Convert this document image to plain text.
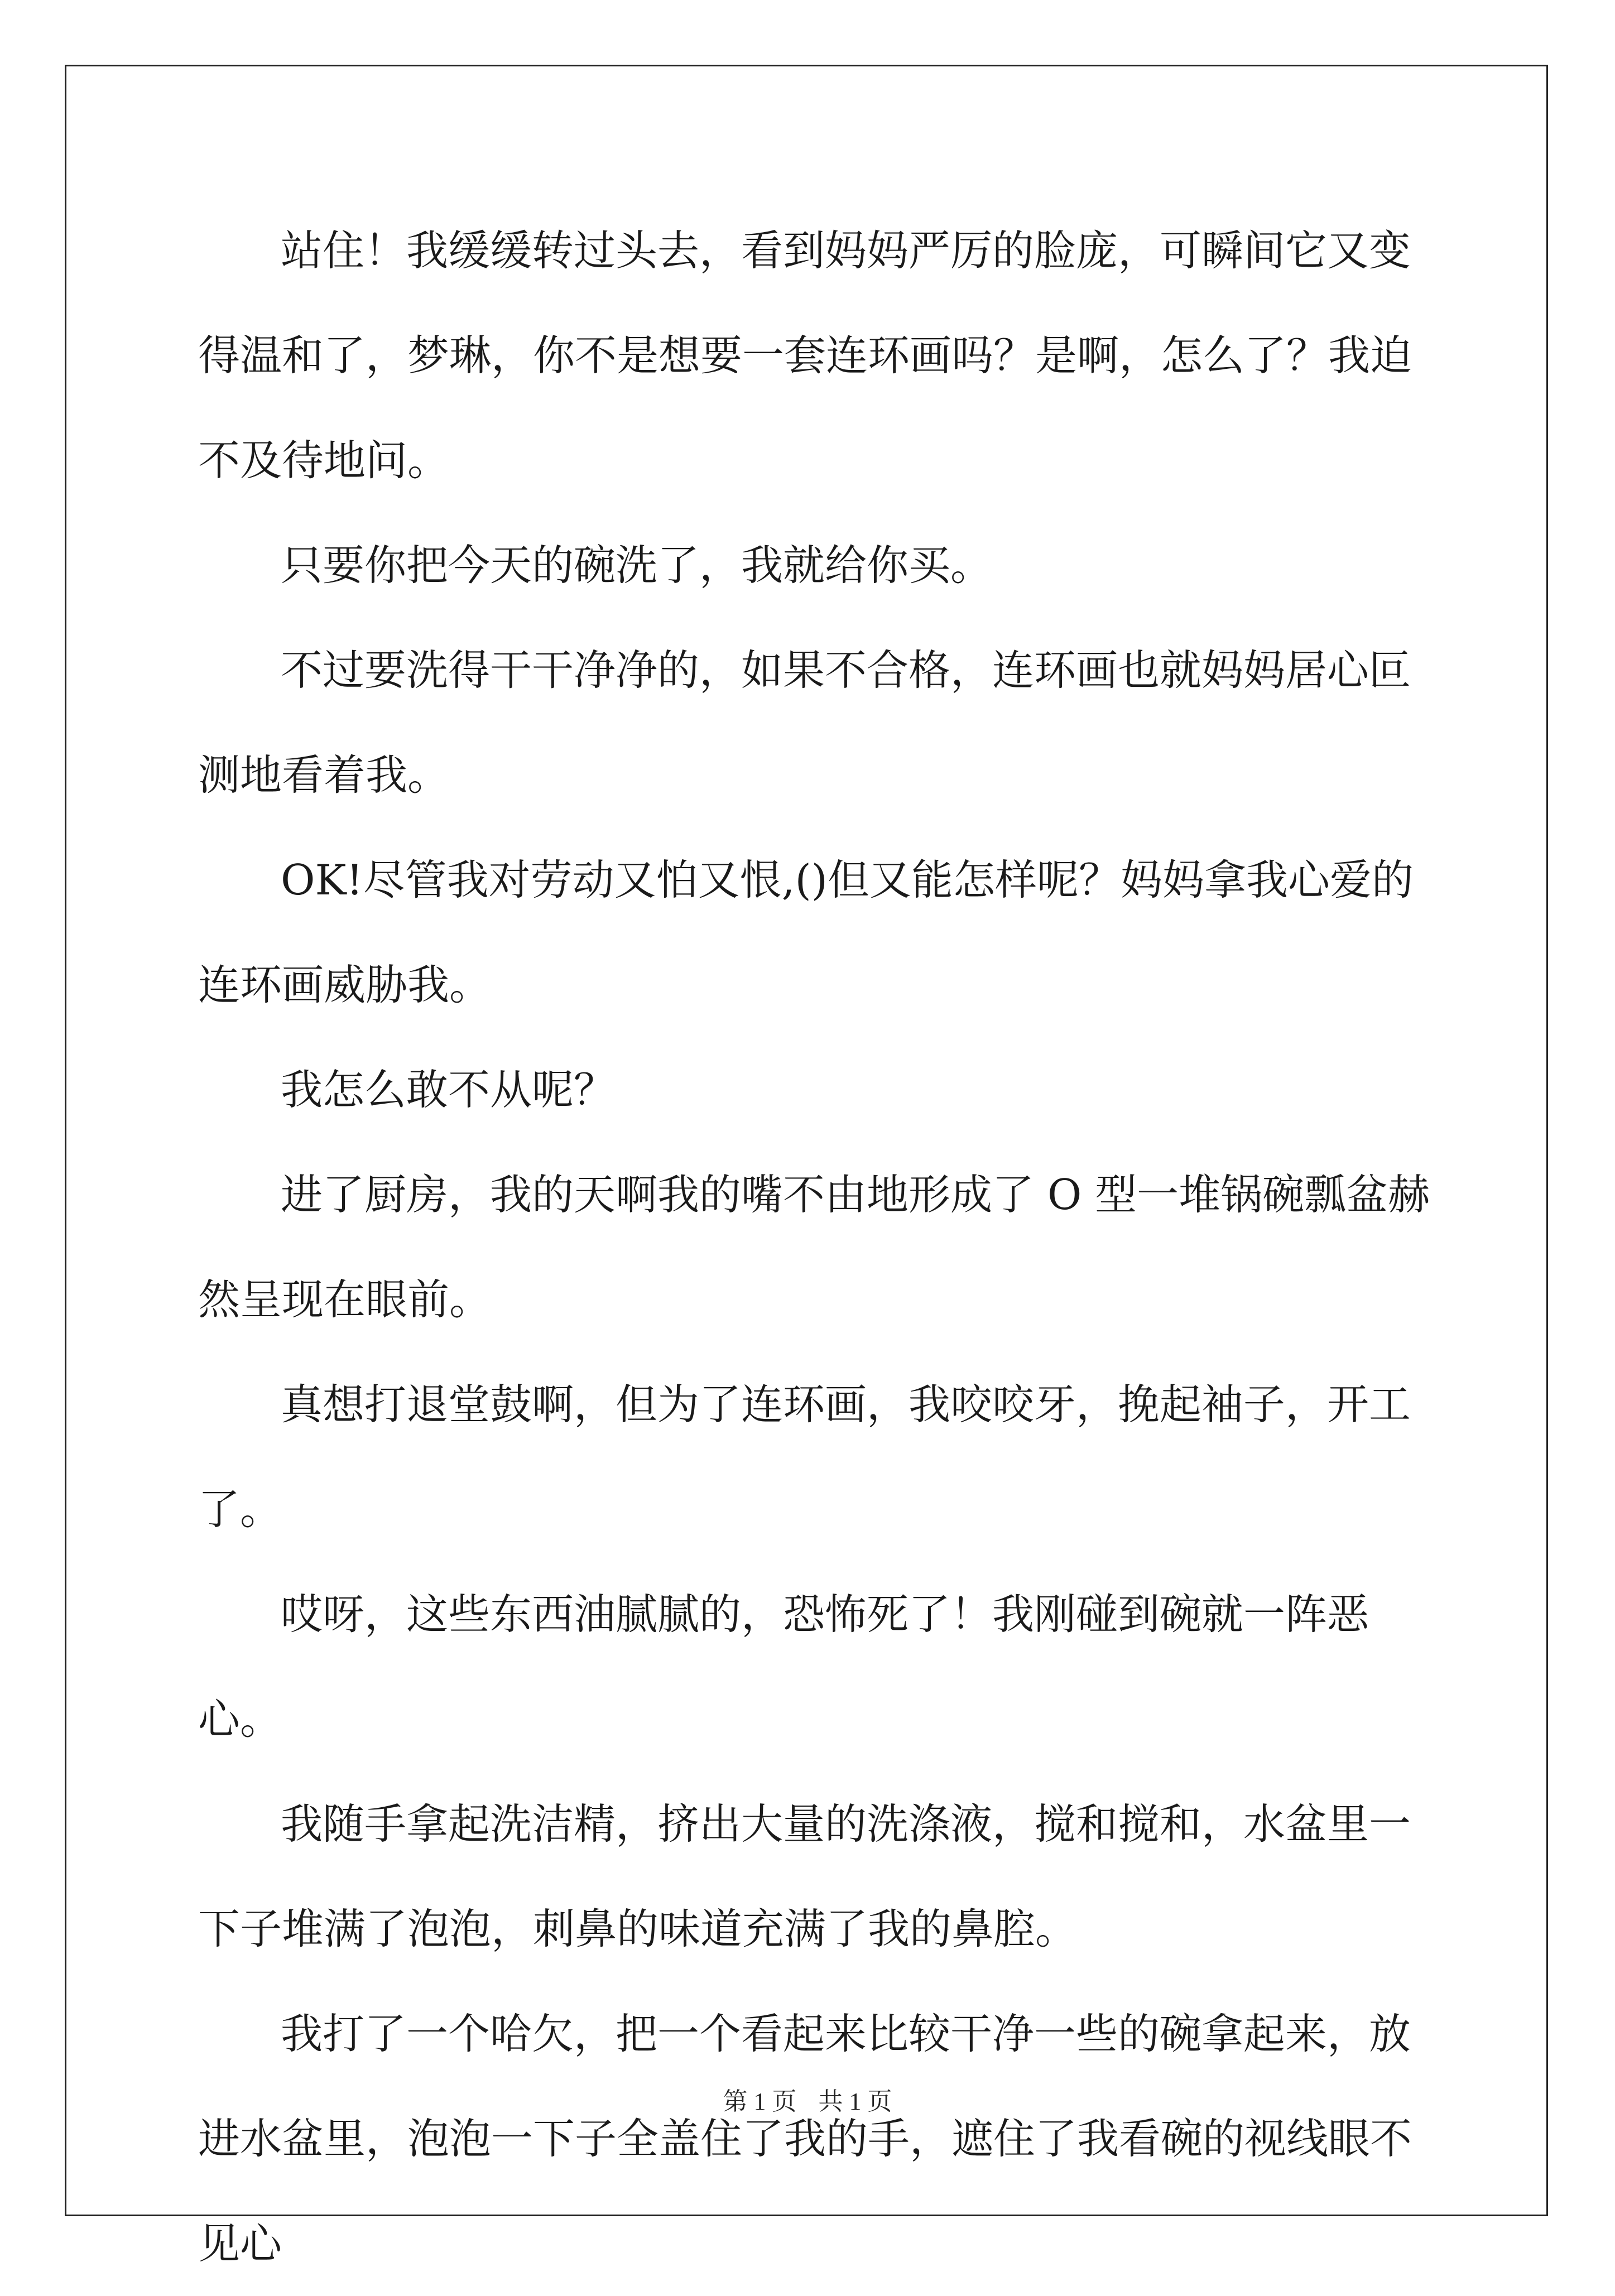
站住！我缓缓转过头去，看到妈妈严厉的脸庞，可瞬间它又变得温和了，梦琳，你不是想要一套连环画吗？是啊，怎么了？我迫不及待地问。

只要你把今天的碗洗了，我就给你买。

不过要洗得干干净净的，如果不合格，连环画也就妈妈居心叵测地看着我。

OK!尽管我对劳动又怕又恨,()但又能怎样呢？妈妈拿我心爱的连环画威胁我。

我怎么敢不从呢？

进了厨房，我的天啊我的嘴不由地形成了 O 型一堆锅碗瓢盆赫然呈现在眼前。

真想打退堂鼓啊，但为了连环画，我咬咬牙，挽起袖子，开工了。

哎呀，这些东西油腻腻的，恐怖死了！我刚碰到碗就一阵恶心。

我随手拿起洗洁精，挤出大量的洗涤液，搅和搅和，水盆里一下子堆满了泡泡，刺鼻的味道充满了我的鼻腔。

我打了一个哈欠，把一个看起来比较干净一些的碗拿起来，放进水盆里，泡泡一下子全盖住了我的手，遮住了我看碗的视线眼不见心

第 1 页 共 1 页
